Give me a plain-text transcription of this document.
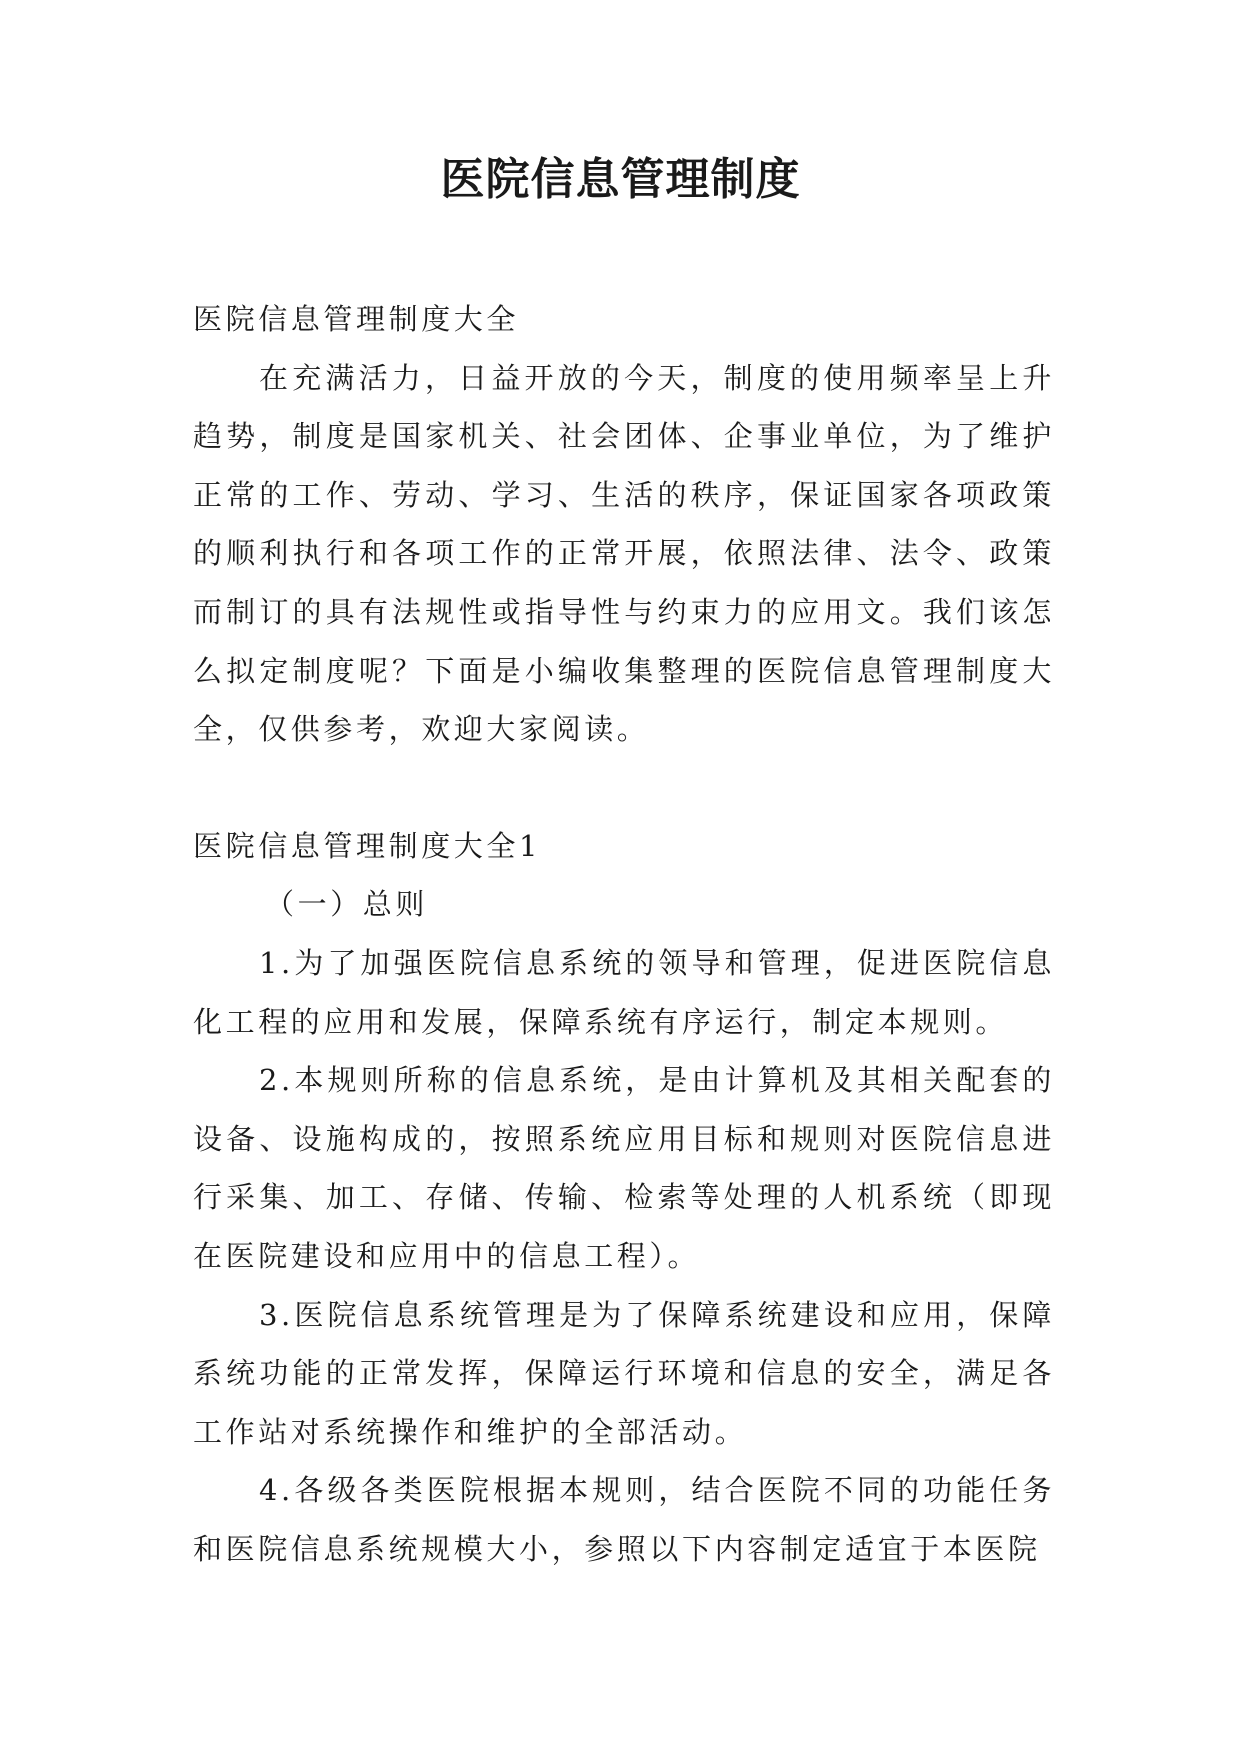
医院信息管理制度

医院信息管理制度大全

在充满活力，日益开放的今天，制度的使用频率呈上升趋势，制度是国家机关、社会团体、企事业单位，为了维护正常的工作、劳动、学习、生活的秩序，保证国家各项政策的顺利执行和各项工作的正常开展，依照法律、法令、政策而制订的具有法规性或指导性与约束力的应用文。我们该怎么拟定制度呢？下面是小编收集整理的医院信息管理制度大全，仅供参考，欢迎大家阅读。

医院信息管理制度大全1

（一）总则

1.为了加强医院信息系统的领导和管理，促进医院信息化工程的应用和发展，保障系统有序运行，制定本规则。

2.本规则所称的信息系统，是由计算机及其相关配套的设备、设施构成的，按照系统应用目标和规则对医院信息进行采集、加工、存储、传输、检索等处理的人机系统（即现在医院建设和应用中的信息工程）。

3.医院信息系统管理是为了保障系统建设和应用，保障系统功能的正常发挥，保障运行环境和信息的安全，满足各工作站对系统操作和维护的全部活动。

4.各级各类医院根据本规则，结合医院不同的功能任务和医院信息系统规模大小，参照以下内容制定适宜于本医院
